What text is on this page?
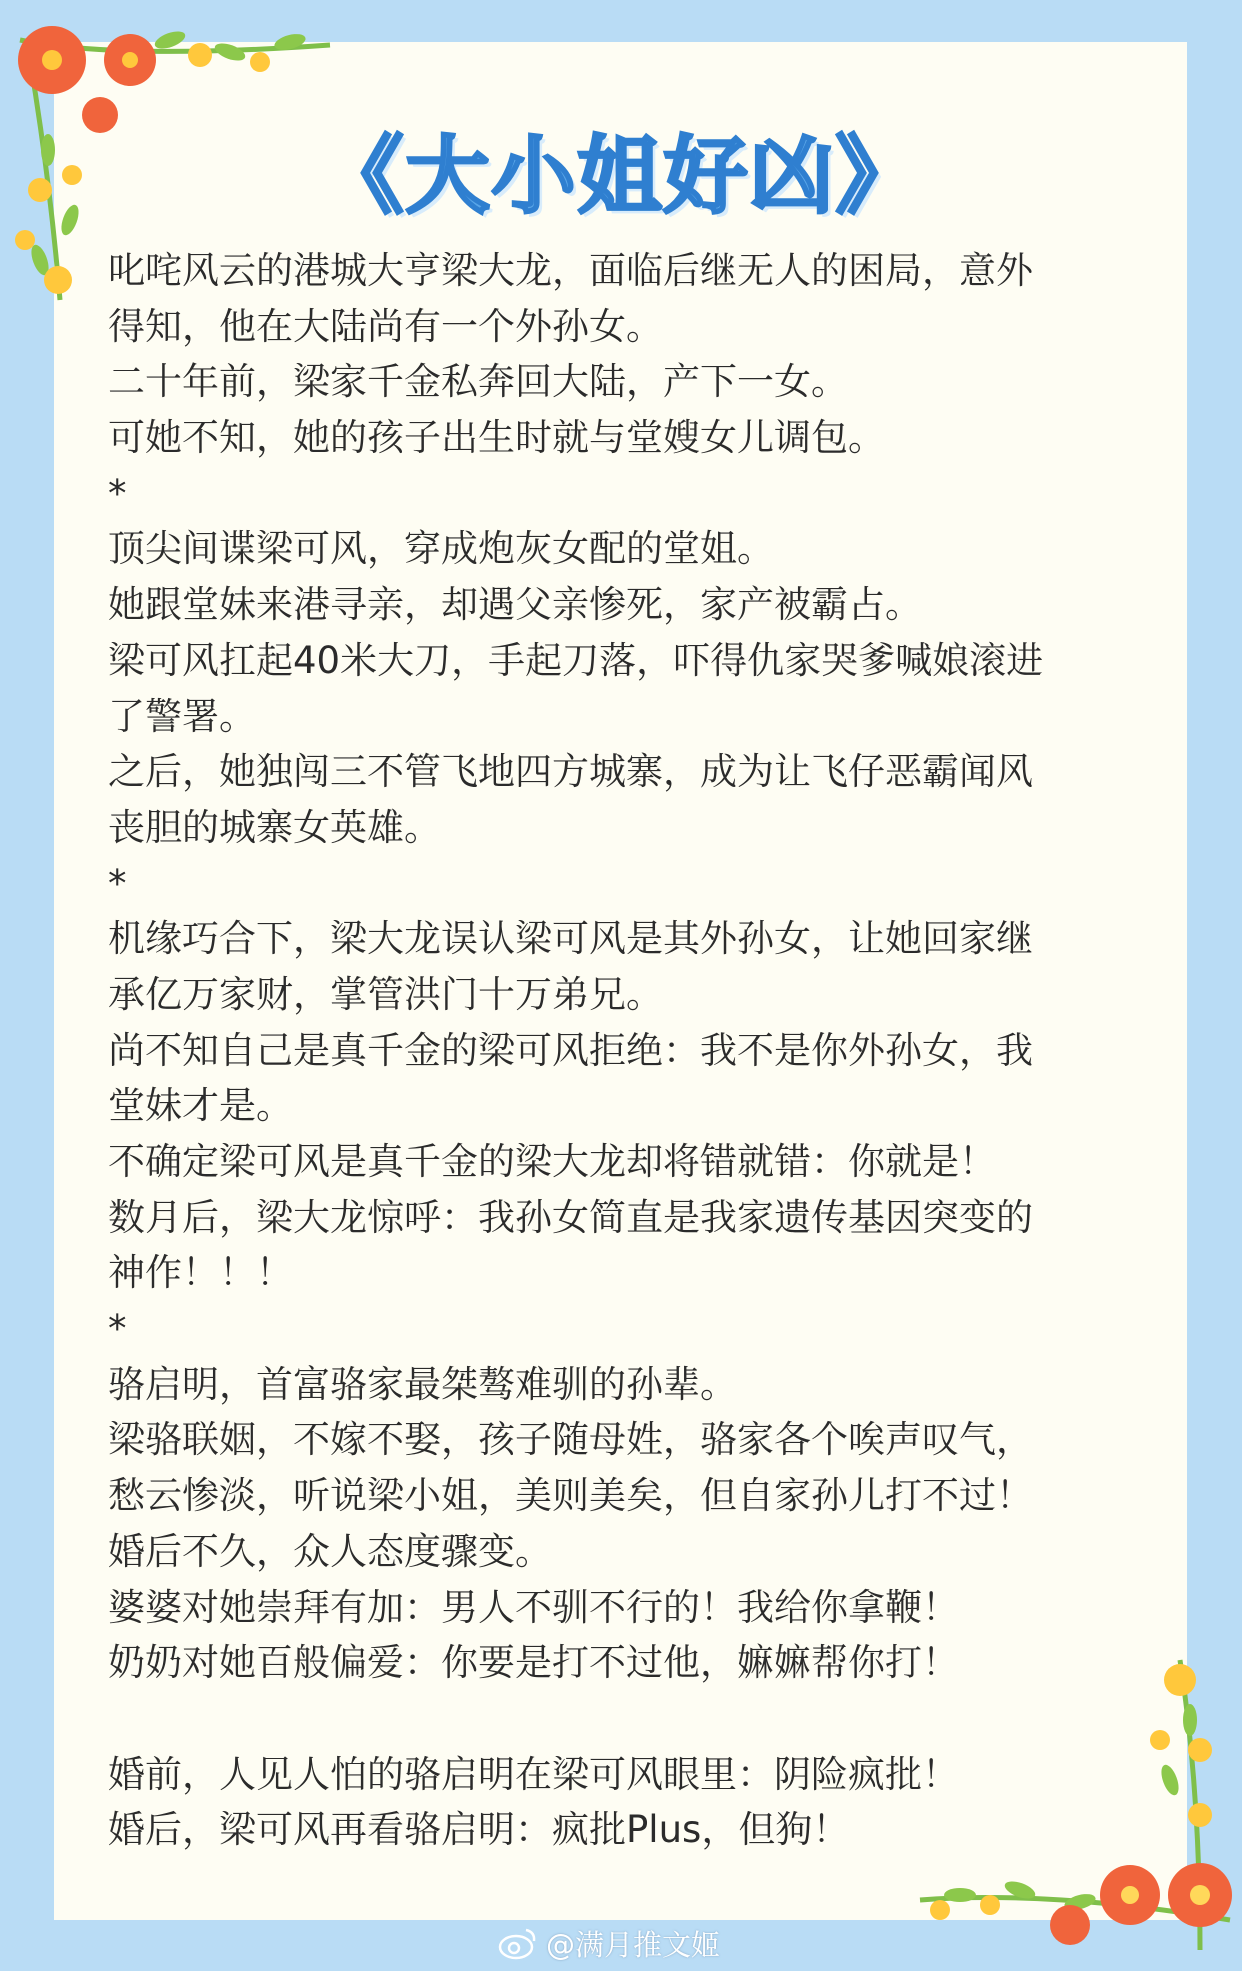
《大小姐好凶》
叱咤风云的港城大亨梁大龙，面临后继无人的困局，意外
得知，他在大陆尚有一个外孙女。
二十年前，梁家千金私奔回大陆，产下一女。
可她不知，她的孩子出生时就与堂嫂女儿调包。
*
顶尖间谍梁可风，穿成炮灰女配的堂姐。
她跟堂妹来港寻亲，却遇父亲惨死，家产被霸占。
梁可风扛起40米大刀，手起刀落，吓得仇家哭爹喊娘滚进
了警署。
之后，她独闯三不管飞地四方城寨，成为让飞仔恶霸闻风
丧胆的城寨女英雄。
*
机缘巧合下，梁大龙误认梁可风是其外孙女，让她回家继
承亿万家财，掌管洪门十万弟兄。
尚不知自己是真千金的梁可风拒绝：我不是你外孙女，我
堂妹才是。
不确定梁可风是真千金的梁大龙却将错就错：你就是！
数月后，梁大龙惊呼：我孙女简直是我家遗传基因突变的
神作！！！
*
骆启明，首富骆家最桀骜难驯的孙辈。
梁骆联姻，不嫁不娶，孩子随母姓，骆家各个唉声叹气，
愁云惨淡，听说梁小姐，美则美矣，但自家孙儿打不过！
婚后不久，众人态度骤变。
婆婆对她崇拜有加：男人不驯不行的！我给你拿鞭！
奶奶对她百般偏爱：你要是打不过他，嫲嫲帮你打！
婚前，人见人怕的骆启明在梁可风眼里：阴险疯批！
婚后，梁可风再看骆启明：疯批Plus，但狗！
@满月推文姬
